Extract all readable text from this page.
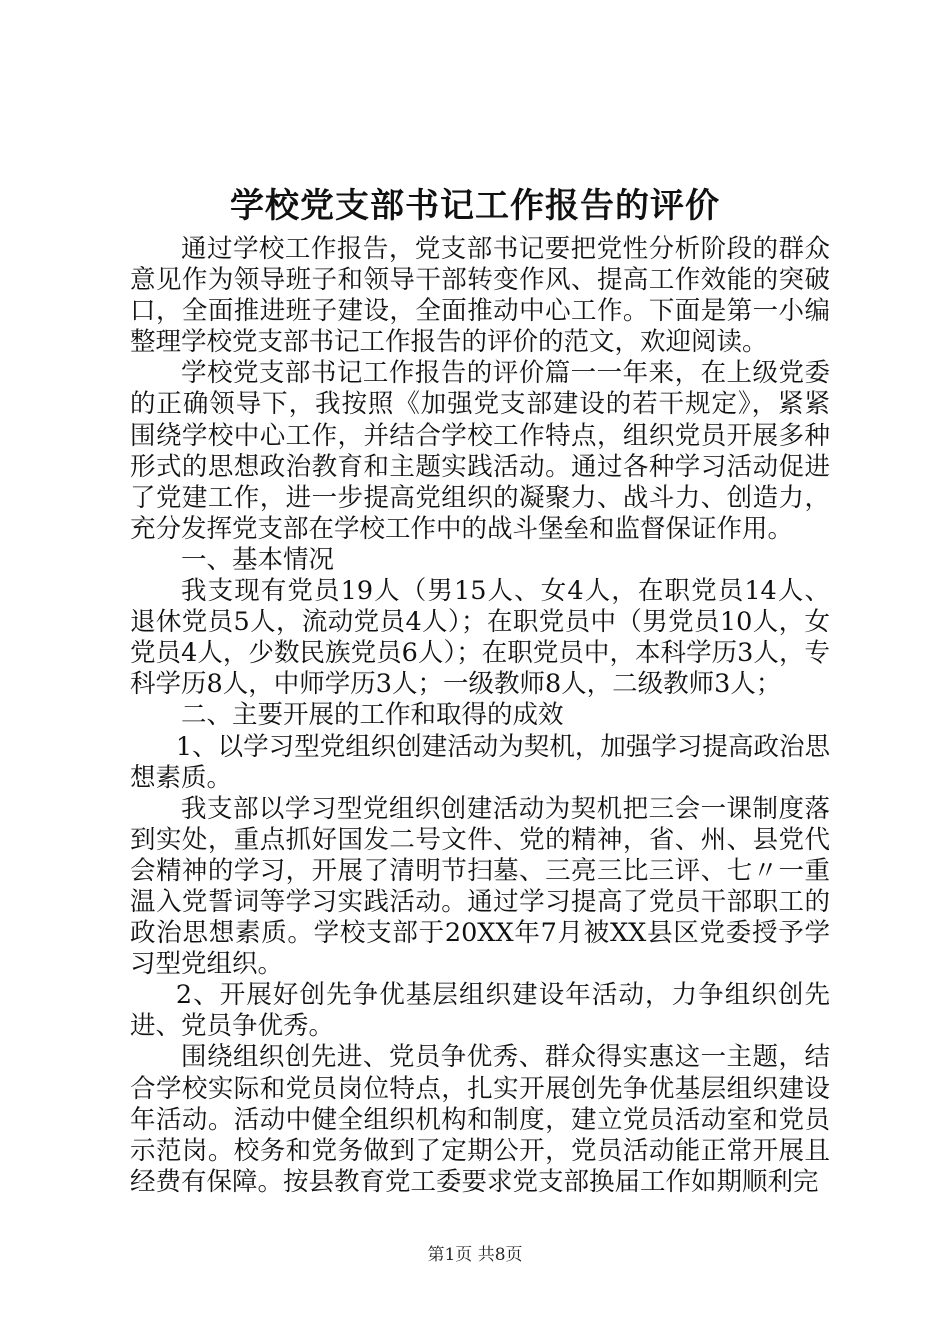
学校党支部书记工作报告的评价

通过学校工作报告，党支部书记要把党性分析阶段的群众意见作为领导班子和领导干部转变作风、提高工作效能的突破口，全面推进班子建设，全面推动中心工作。下面是第一小编整理学校党支部书记工作报告的评价的范文，欢迎阅读。

学校党支部书记工作报告的评价篇一一年来，在上级党委的正确领导下，我按照《加强党支部建设的若干规定》，紧紧围绕学校中心工作，并结合学校工作特点，组织党员开展多种形式的思想政治教育和主题实践活动。通过各种学习活动促进了党建工作，进一步提高党组织的凝聚力、战斗力、创造力，充分发挥党支部在学校工作中的战斗堡垒和监督保证作用。

一、基本情况

我支现有党员19人（男15人、女4人，在职党员14人、退休党员5人，流动党员4人）；在职党员中（男党员10人，女党员4人，少数民族党员6人）；在职党员中，本科学历3人，专科学历8人，中师学历3人；一级教师8人，二级教师3人；

二、主要开展的工作和取得的成效

1、以学习型党组织创建活动为契机，加强学习提高政治思想素质。

我支部以学习型党组织创建活动为契机把三会一课制度落到实处，重点抓好国发二号文件、党的精神，省、州、县党代会精神的学习，开展了清明节扫墓、三亮三比三评、七〃一重温入党誓词等学习实践活动。通过学习提高了党员干部职工的政治思想素质。学校支部于20XX年7月被XX县区党委授予学习型党组织。

2、开展好创先争优基层组织建设年活动，力争组织创先进、党员争优秀。

围绕组织创先进、党员争优秀、群众得实惠这一主题，结合学校实际和党员岗位特点，扎实开展创先争优基层组织建设年活动。活动中健全组织机构和制度，建立党员活动室和党员示范岗。校务和党务做到了定期公开，党员活动能正常开展且经费有保障。按县教育党工委要求党支部换届工作如期顺利完

第1页 共8页
